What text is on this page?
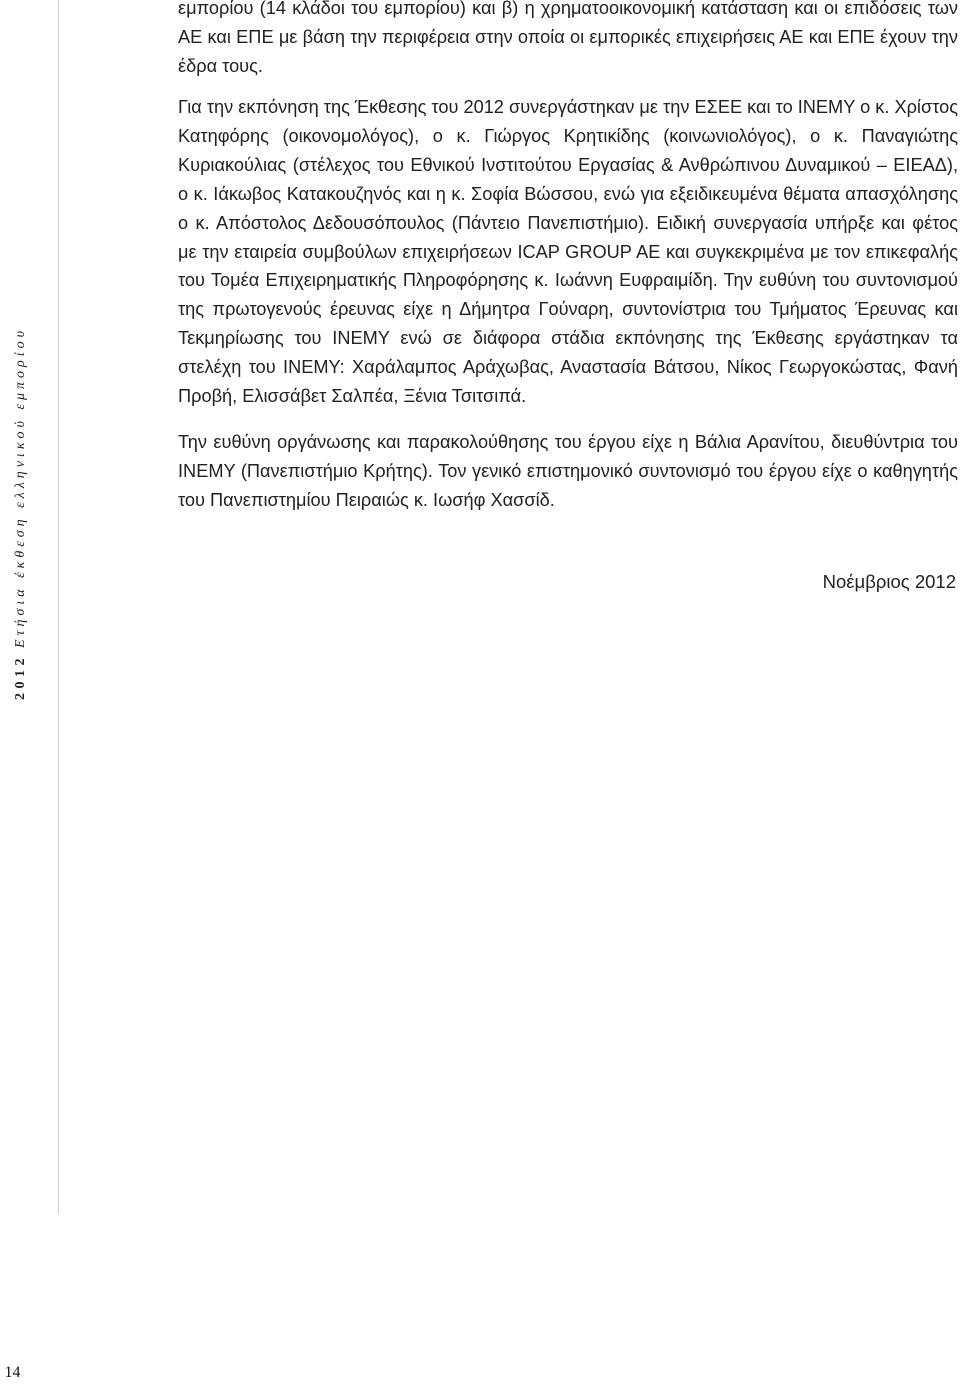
2012Ετήσια έκθεση ελληνικού εμπορίου

εμπορίου (14 κλάδοι του εμπορίου) και β) η χρηματοοικονομική κατάσταση και οι επιδόσεις των ΑΕ και ΕΠΕ με βάση την περιφέρεια στην οποία οι εμπορικές επιχειρήσεις ΑΕ και ΕΠΕ έχουν την έδρα τους.

Για την εκπόνηση της Έκθεσης του 2012 συνεργάστηκαν με την ΕΣΕΕ και το ΙΝΕΜΥ ο κ. Χρίστος Κατηφόρης (οικονομολόγος), ο κ. Γιώργος Κρητικίδης (κοινωνιολόγος), ο κ. Παναγιώτης Κυριακούλιας (στέλεχος του Εθνικού Ινστιτούτου Εργασίας & Ανθρώπινου Δυναμικού – ΕΙΕΑΔ), ο κ. Ιάκωβος Κατακουζηνός και η κ. Σοφία Βώσσου, ενώ για εξειδικευμένα θέματα απασχόλησης ο κ. Απόστολος Δεδουσόπουλος (Πάντειο Πανεπιστήμιο). Ειδική συνεργασία υπήρξε και φέτος με την εταιρεία συμβούλων επιχειρήσεων ICAP GROUP AE και συγκεκριμένα με τον επικεφαλής του Τομέα Επιχειρηματικής Πληροφόρησης κ. Ιωάννη Ευφραιμίδη. Την ευθύνη του συντονισμού της πρωτογενούς έρευνας είχε η Δήμητρα Γούναρη, συντονίστρια του Τμήματος Έρευνας και Τεκμηρίωσης του ΙΝΕΜΥ ενώ σε διάφορα στάδια εκπόνησης της Έκθεσης εργάστηκαν τα στελέχη του ΙΝΕΜΥ: Χαράλαμπος Αράχωβας, Αναστασία Βάτσου, Νίκος Γεωργοκώστας, Φανή Προβή, Ελισσάβετ Σαλπέα, Ξένια Τσιτσιπά.

Την ευθύνη οργάνωσης και παρακολούθησης του έργου είχε η Βάλια Αρανίτου, διευθύντρια του ΙΝΕΜΥ (Πανεπιστήμιο Κρήτης). Τον γενικό επιστημονικό συντονισμό του έργου είχε ο καθηγητής του Πανεπιστημίου Πειραιώς κ. Ιωσήφ Χασσίδ.

Νοέμβριος 2012
14
